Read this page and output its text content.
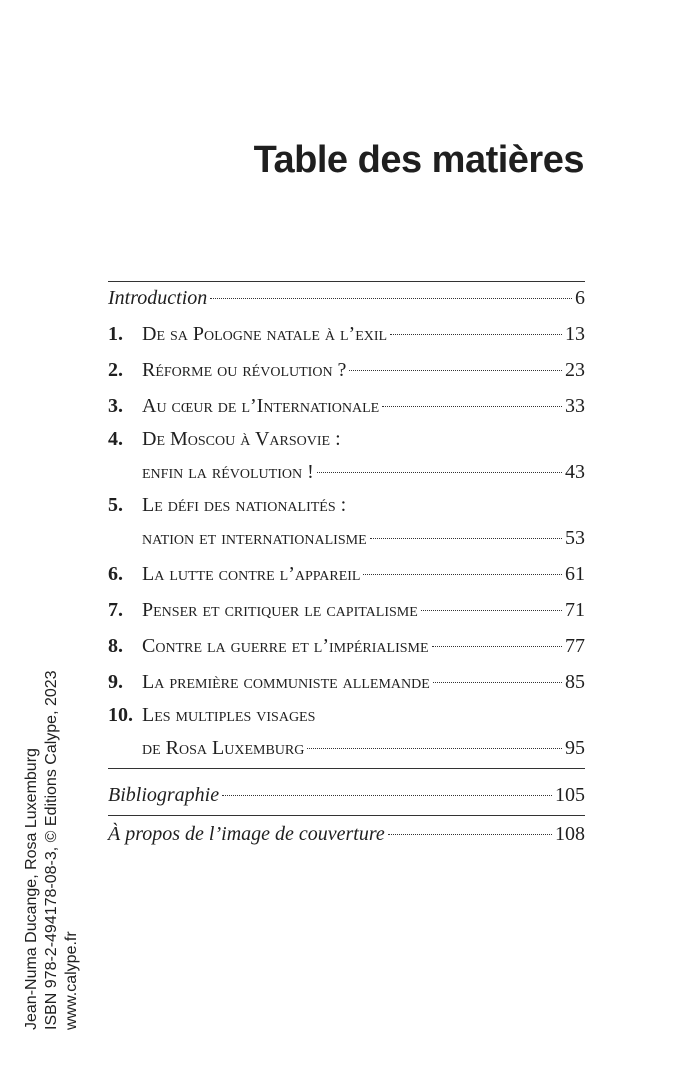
Table des matières
Introduction	6
1. De sa Pologne natale à l’exil	13
2. Réforme ou révolution ?	23
3. Au cœur de l’Internationale	33
4. De Moscou à Varsovie :
enfin la révolution !	43
5. Le défi des nationalités :
nation et internationalisme	53
6. La lutte contre l’appareil	61
7. Penser et critiquer le capitalisme	71
8. Contre la guerre et l’impérialisme	77
9. La première communiste allemande	85
10. Les multiples visages
de Rosa Luxemburg	95
Bibliographie	105
À propos de l’image de couverture	108
Jean-Numa Ducange, Rosa Luxemburg ISBN 978-2-494178-08-3, © Editions Calype, 2023 www.calype.fr
